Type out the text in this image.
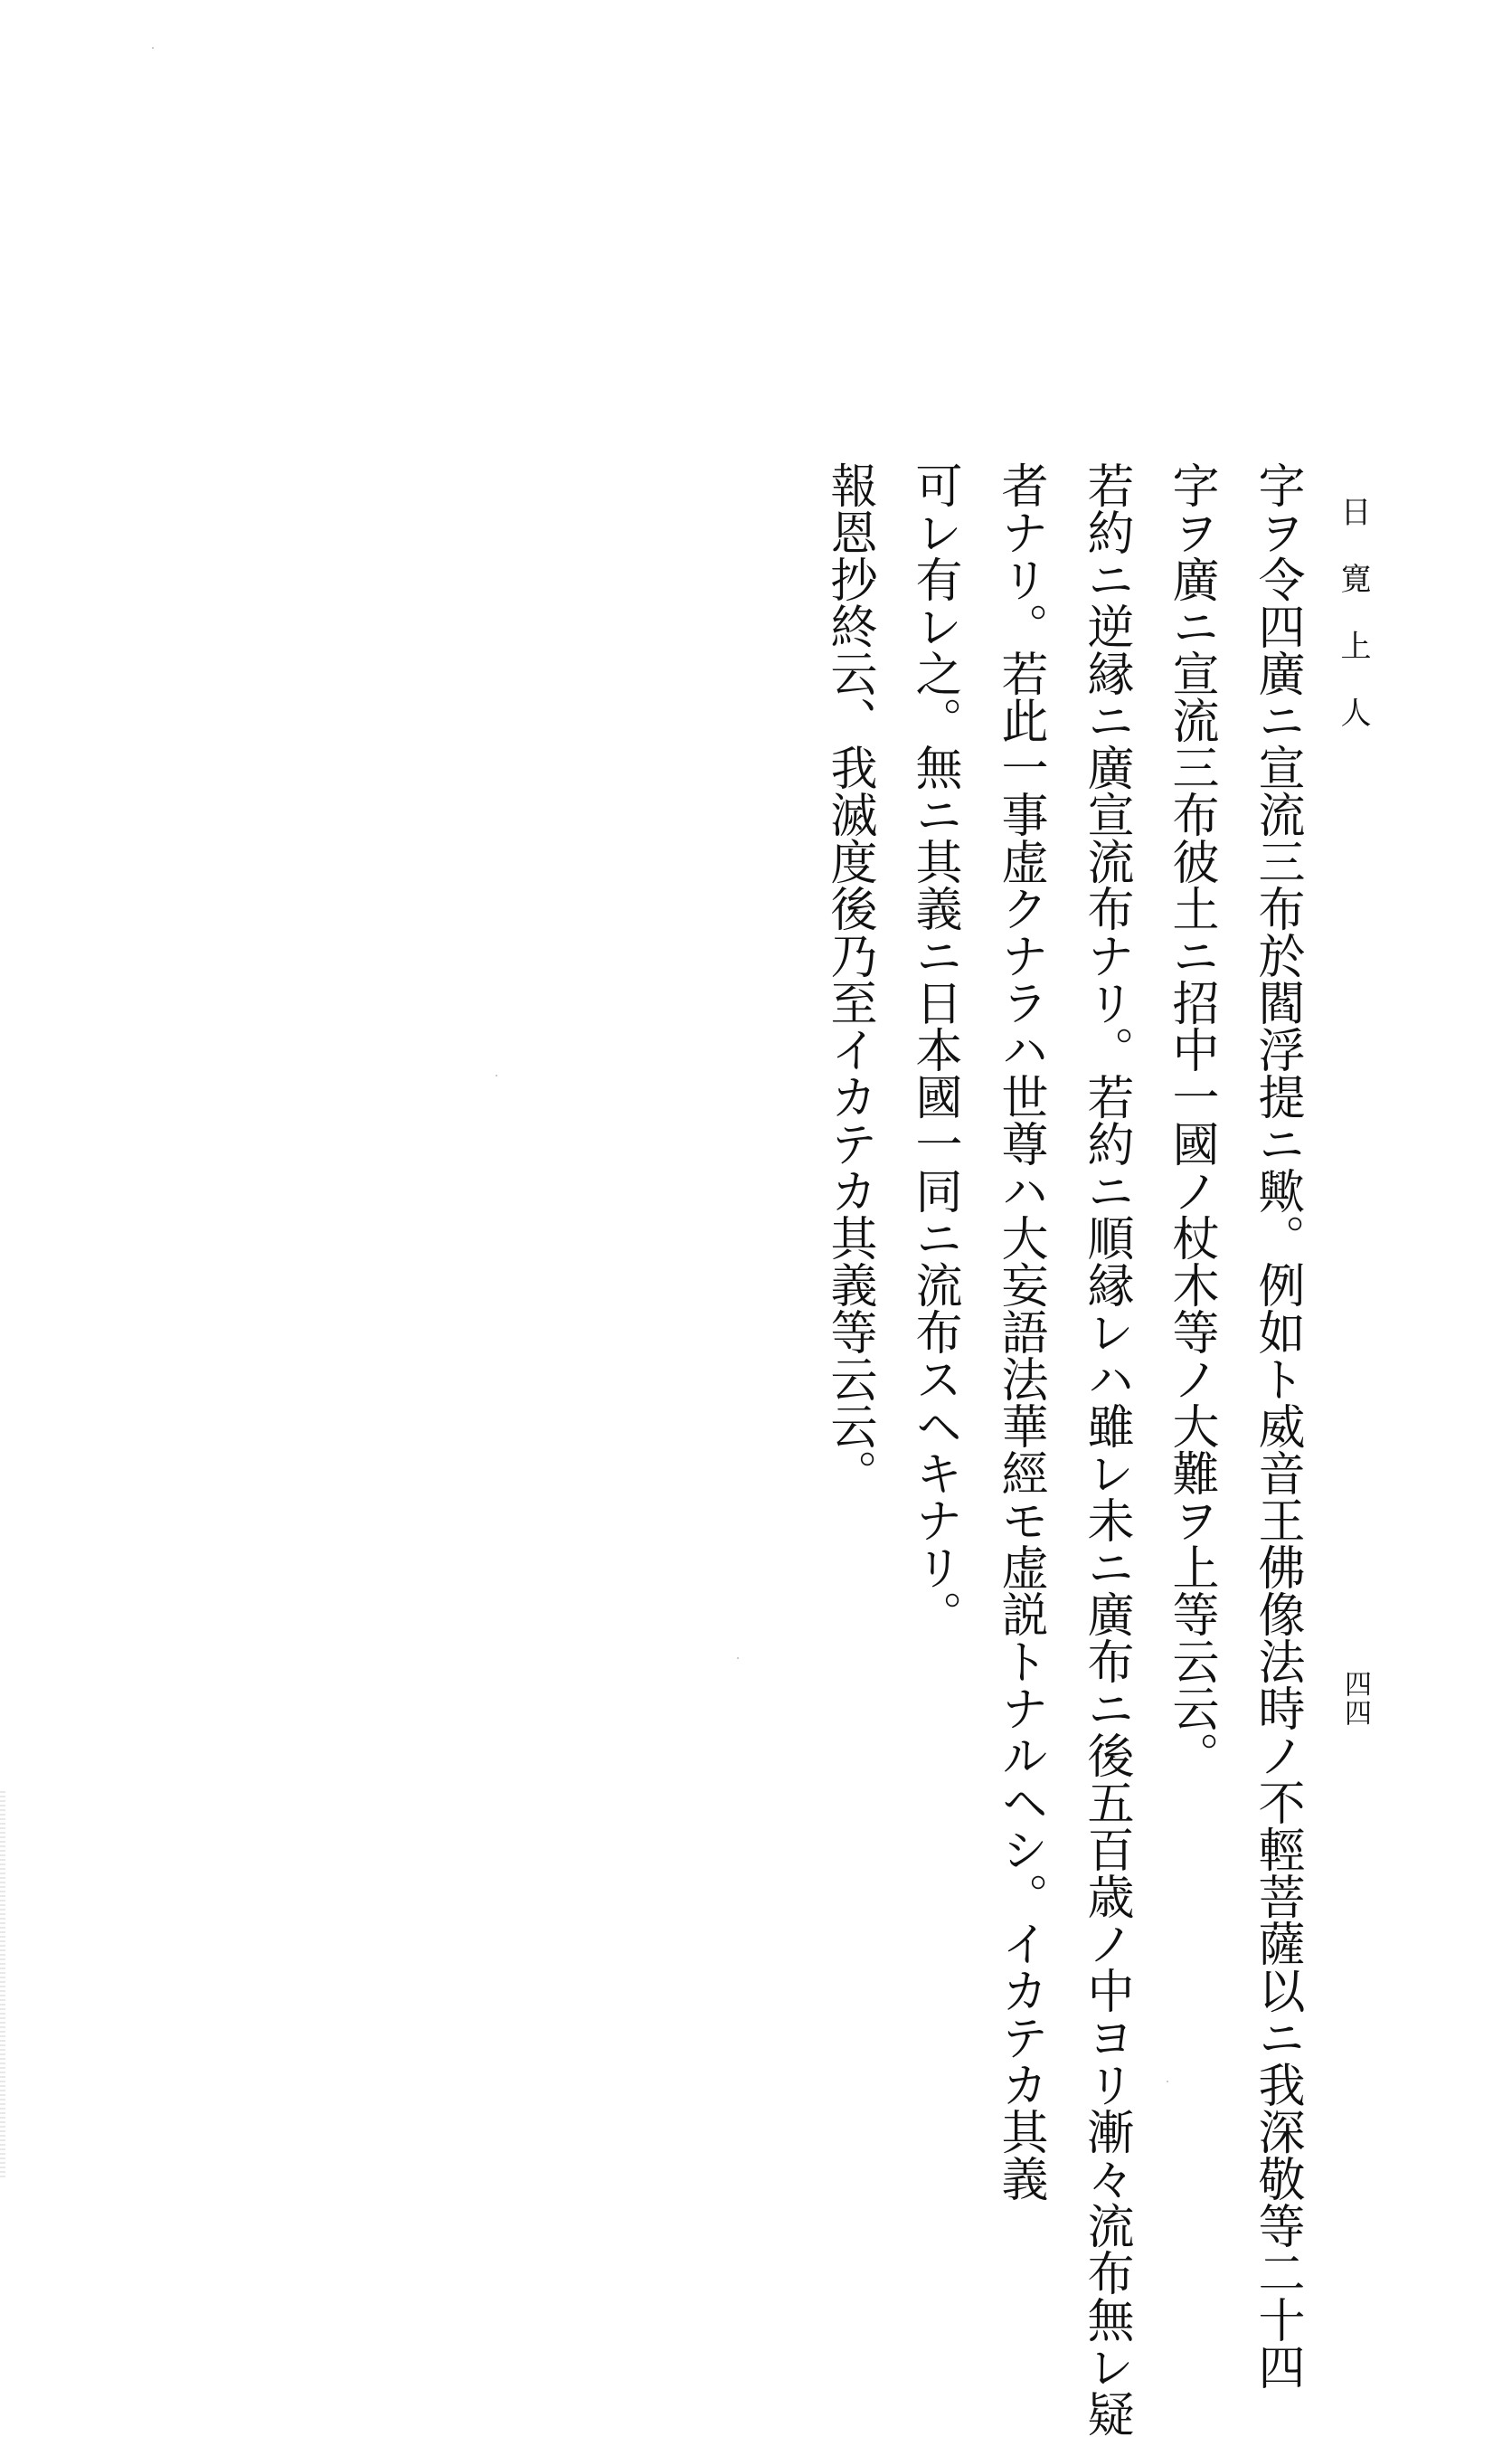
日寛上人
四四
字ヲ令四廣ニ宣流三布於閻浮提ニ歟。例如ト威音王佛像法時ノ不輕菩薩以ニ我深敬等二十四
字ヲ廣ニ宣流三布彼土ニ招中一國ノ杖木等ノ大難ヲ上等云云。
若約ニ逆縁ニ廣宣流布ナリ。若約ニ順縁レハ雖レ未ニ廣布ニ後五百歳ノ中ヨリ漸々流布無レ疑
者ナリ。若此一事虚クナラハ世尊ハ大妄語法華經モ虚説トナルヘシ。イカテカ其義
可レ有レ之。無ニ其義ニ日本國一同ニ流布スヘキナリ。
報恩抄終云、我滅度後乃至イカテカ其義等云云。
